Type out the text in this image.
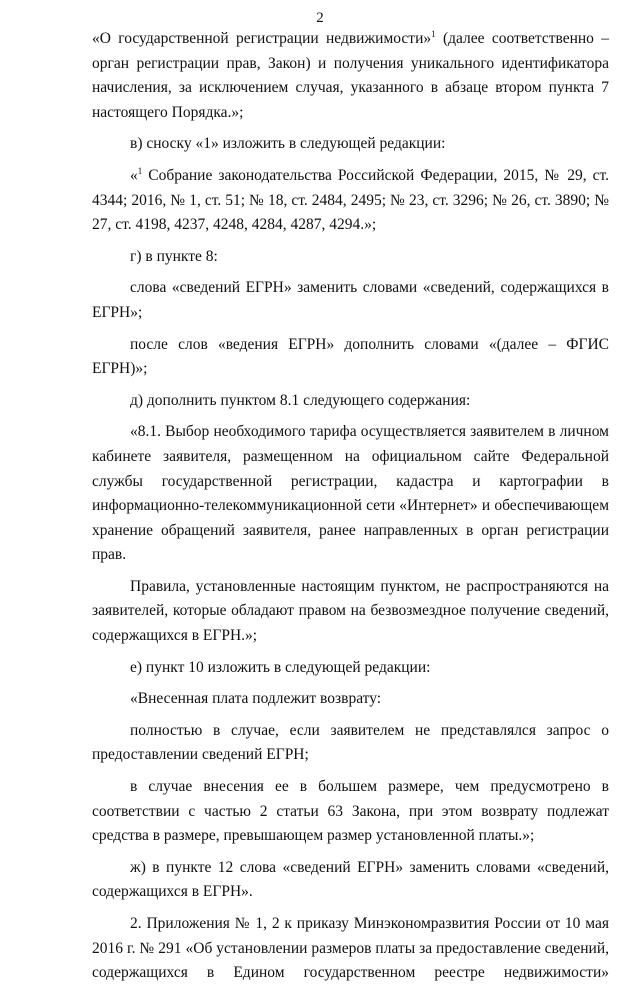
2

«О государственной регистрации недвижимости»$^1$ (далее соответственно – орган регистрации прав, Закон) и получения уникального идентификатора начисления, за исключением случая, указанного в абзаце втором пункта 7 настоящего Порядка.»;

в) сноску «1» изложить в следующей редакции:

«$^1$ Собрание законодательства Российской Федерации, 2015, № 29, ст. 4344; 2016, № 1, ст. 51; № 18, ст. 2484, 2495; № 23, ст. 3296; № 26, ст. 3890; № 27, ст. 4198, 4237, 4248, 4284, 4287, 4294.»;

г) в пункте 8:

слова «сведений ЕГРН» заменить словами «сведений, содержащихся в ЕГРН»;

после слов «ведения ЕГРН» дополнить словами «(далее – ФГИС ЕГРН)»;

д) дополнить пунктом 8.1 следующего содержания:

«8.1. Выбор необходимого тарифа осуществляется заявителем в личном кабинете заявителя, размещенном на официальном сайте Федеральной службы государственной регистрации, кадастра и картографии в информационно-телекоммуникационной сети «Интернет» и обеспечивающем хранение обращений заявителя, ранее направленных в орган регистрации прав.

Правила, установленные настоящим пунктом, не распространяются на заявителей, которые обладают правом на безвозмездное получение сведений, содержащихся в ЕГРН.»;

е) пункт 10 изложить в следующей редакции:

«Внесенная плата подлежит возврату:

полностью в случае, если заявителем не представлялся запрос о предоставлении сведений ЕГРН;

в случае внесения ее в большем размере, чем предусмотрено в соответствии с частью 2 статьи 63 Закона, при этом возврату подлежат средства в размере, превышающем размер установленной платы.»;

ж) в пункте 12 слова «сведений ЕГРН» заменить словами «сведений, содержащихся в ЕГРН».

2. Приложения № 1, 2 к приказу Минэкономразвития России от 10 мая 2016 г. № 291 «Об установлении размеров платы за предоставление сведений, содержащихся в Едином государственном реестре недвижимости»
